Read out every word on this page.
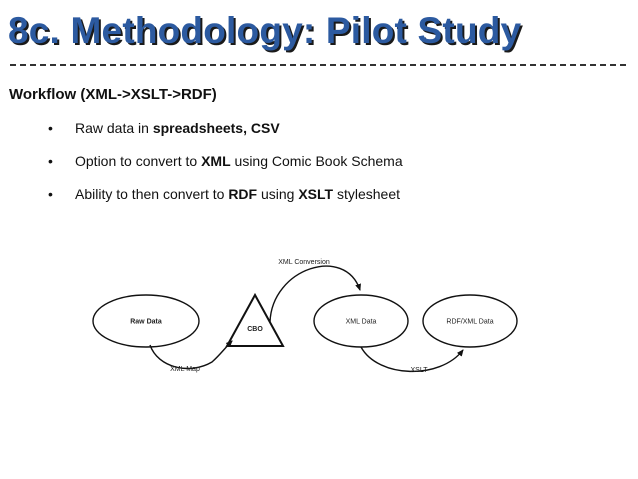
8c. Methodology: Pilot Study

Workflow (XML->XSLT->RDF)

• Raw data in spreadsheets, CSV
• Option to convert to XML using Comic Book Schema
• Ability to then convert to RDF using XSLT stylesheet
Raw Data
CBO
XML Data	RDF/XML Data
XML Map
XML Conversion
XSLT
